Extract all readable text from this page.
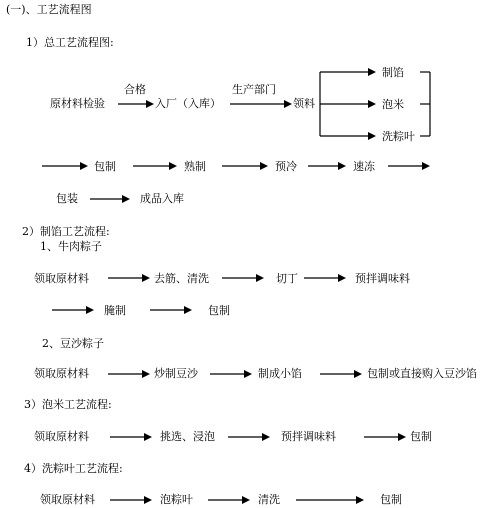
(一)、工艺流程图
1）总工艺流程图:
原材料检验
合格
入厂（入库）
生产部门
领料
制馅
泡米
洗粽叶
包制	熟制	预冷	速冻
包装	成品入库
2）制馅工艺流程:
1、牛肉粽子
领取原材料	去筋、清洗	切丁	预拌调味料
腌制	包制
2、豆沙粽子
领取原材料	炒制豆沙	制成小馅	包制或直接购入豆沙馅
3）泡米工艺流程:
领取原材料	挑选、浸泡	预拌调味料	包制
4）洗粽叶工艺流程:
领取原材料	泡粽叶	清洗	包制
